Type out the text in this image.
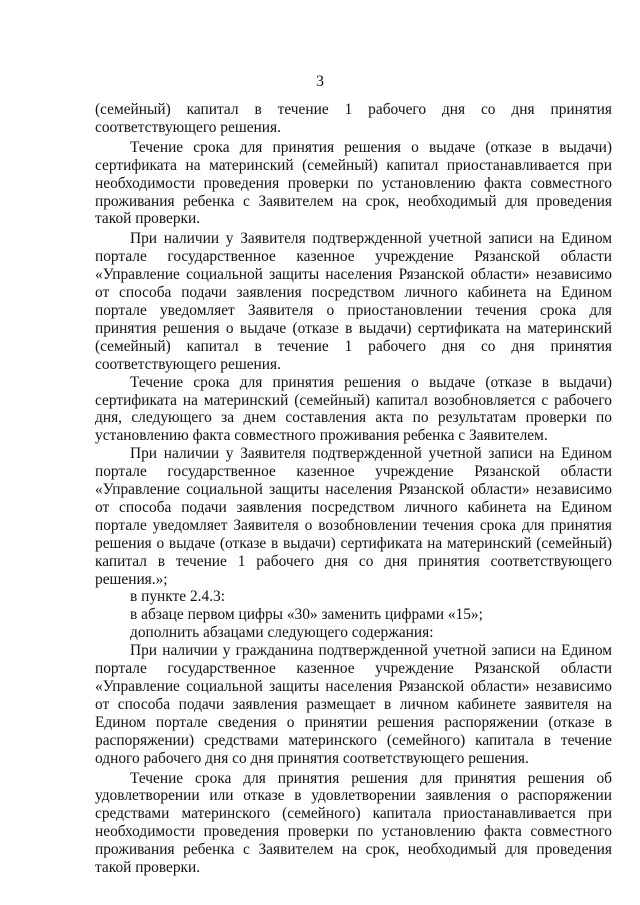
3

(семейный) капитал в течение 1 рабочего дня со дня принятия соответствующего решения.

Течение срока для принятия решения о выдаче (отказе в выдачи) сертификата на материнский (семейный) капитал приостанавливается при необходимости проведения проверки по установлению факта совместного проживания ребенка с Заявителем на срок, необходимый для проведения такой проверки.

При наличии у Заявителя подтвержденной учетной записи на Едином портале государственное казенное учреждение Рязанской области «Управление социальной защиты населения Рязанской области» независимо от способа подачи заявления посредством личного кабинета на Едином портале уведомляет Заявителя о приостановлении течения срока для принятия решения о выдаче (отказе в выдачи) сертификата на материнский (семейный) капитал в течение 1 рабочего дня со дня принятия соответствующего решения.

Течение срока для принятия решения о выдаче (отказе в выдачи) сертификата на материнский (семейный) капитал возобновляется с рабочего дня, следующего за днем составления акта по результатам проверки по установлению факта совместного проживания ребенка с Заявителем.

При наличии у Заявителя подтвержденной учетной записи на Едином портале государственное казенное учреждение Рязанской области «Управление социальной защиты населения Рязанской области» независимо от способа подачи заявления посредством личного кабинета на Едином портале уведомляет Заявителя о возобновлении течения срока для принятия решения о выдаче (отказе в выдачи) сертификата на материнский (семейный) капитал в течение 1 рабочего дня со дня принятия соответствующего решения.»;

в пункте 2.4.3:

в абзаце первом цифры «30» заменить цифрами «15»;

дополнить абзацами следующего содержания:

При наличии у гражданина подтвержденной учетной записи на Едином портале государственное казенное учреждение Рязанской области «Управление социальной защиты населения Рязанской области» независимо от способа подачи заявления размещает в личном кабинете заявителя на Едином портале сведения о принятии решения распоряжении (отказе в распоряжении) средствами материнского (семейного) капитала в течение одного рабочего дня со дня принятия соответствующего решения.

Течение срока для принятия решения для принятия решения об удовлетворении или отказе в удовлетворении заявления о распоряжении средствами материнского (семейного) капитала приостанавливается при необходимости проведения проверки по установлению факта совместного проживания ребенка с Заявителем на срок, необходимый для проведения такой проверки.
